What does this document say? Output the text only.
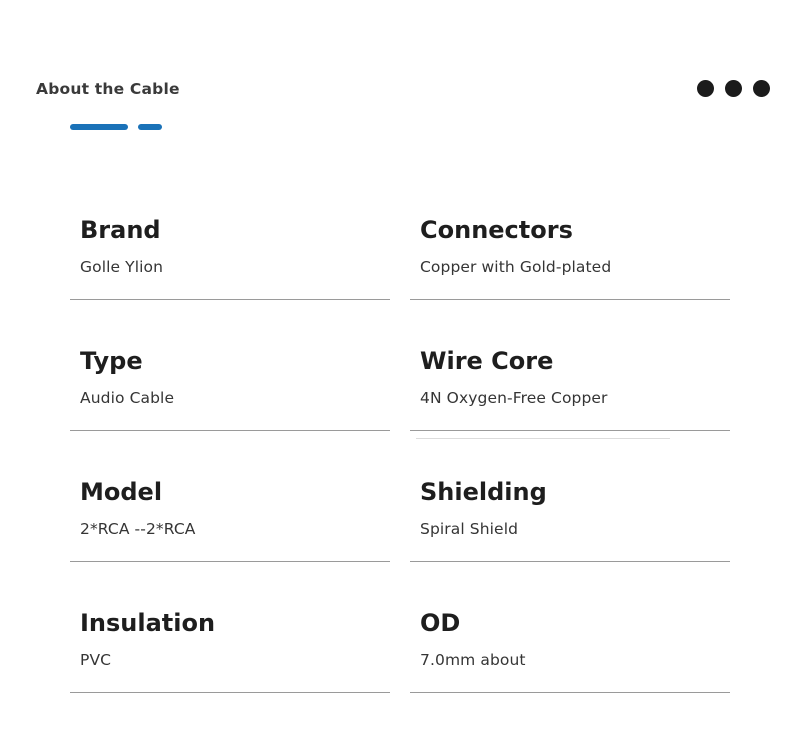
About the Cable
Brand
Golle Ylion
Connectors
Copper with Gold-plated
Type
Audio Cable
Wire Core
4N Oxygen-Free Copper
Model
2*RCA --2*RCA
Shielding
Spiral Shield
Insulation
PVC
OD
7.0mm about
